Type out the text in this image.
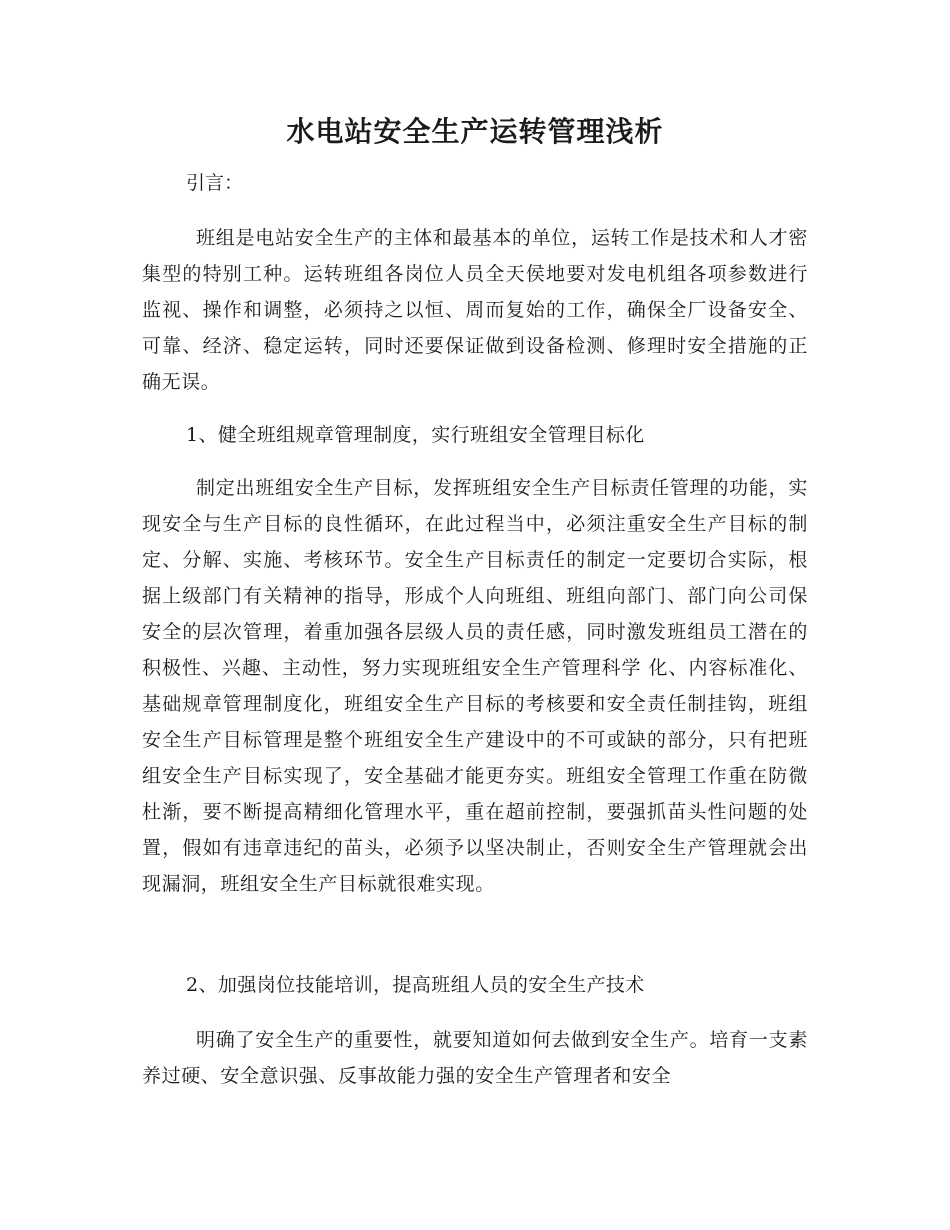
水电站安全生产运转管理浅析

引言：

班组是电站安全生产的主体和最基本的单位，运转工作是技术和人才密集型的特别工种。运转班组各岗位人员全天侯地要对发电机组各项参数进行监视、操作和调整，必须持之以恒、周而复始的工作，确保全厂设备安全、可靠、经济、稳定运转，同时还要保证做到设备检测、修理时安全措施的正确无误。

1、健全班组规章管理制度，实行班组安全管理目标化

制定出班组安全生产目标，发挥班组安全生产目标责任管理的功能，实现安全与生产目标的良性循环，在此过程当中，必须注重安全生产目标的制定、分解、实施、考核环节。安全生产目标责任的制定一定要切合实际，根据上级部门有关精神的指导，形成个人向班组、班组向部门、部门向公司保安全的层次管理，着重加强各层级人员的责任感，同时激发班组员工潜在的积极性、兴趣、主动性，努力实现班组安全生产管理科学 化、内容标准化、基础规章管理制度化，班组安全生产目标的考核要和安全责任制挂钩，班组安全生产目标管理是整个班组安全生产建设中的不可或缺的部分，只有把班组安全生产目标实现了，安全基础才能更夯实。班组安全管理工作重在防微杜渐，要不断提高精细化管理水平，重在超前控制，要强抓苗头性问题的处置，假如有违章违纪的苗头，必须予以坚决制止，否则安全生产管理就会出现漏洞，班组安全生产目标就很难实现。

2、加强岗位技能培训，提高班组人员的安全生产技术

明确了安全生产的重要性，就要知道如何去做到安全生产。培育一支素养过硬、安全意识强、反事故能力强的安全生产管理者和安全
